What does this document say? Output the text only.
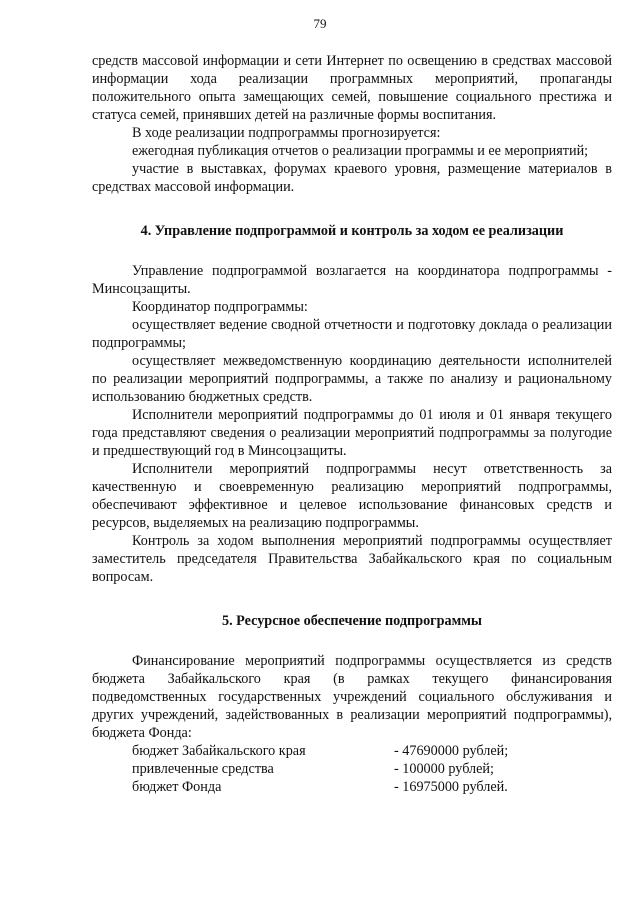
79

средств массовой информации и сети Интернет по освещению в средствах массовой информации хода реализации программных мероприятий, пропаганды положительного опыта замещающих семей, повышение социального престижа и статуса семей, принявших детей на различные формы воспитания.

В ходе реализации подпрограммы прогнозируется:

ежегодная публикация отчетов о реализации программы и ее мероприятий;

участие в выставках, форумах краевого уровня, размещение материалов в средствах массовой информации.

4. Управление подпрограммой и контроль за ходом ее реализации

Управление подпрограммой возлагается на координатора подпрограммы - Минсоцзащиты.

Координатор подпрограммы:

осуществляет ведение сводной отчетности и подготовку доклада о реализации подпрограммы;

осуществляет межведомственную координацию деятельности исполнителей по реализации мероприятий подпрограммы, а также по анализу и рациональному использованию бюджетных средств.

Исполнители мероприятий подпрограммы до 01 июля и 01 января текущего года представляют сведения о реализации мероприятий подпрограммы за полугодие и предшествующий год в Минсоцзащиты.

Исполнители мероприятий подпрограммы несут ответственность за качественную и своевременную реализацию мероприятий подпрограммы, обеспечивают эффективное и целевое использование финансовых средств и ресурсов, выделяемых на реализацию подпрограммы.

Контроль за ходом выполнения мероприятий подпрограммы осуществляет заместитель председателя Правительства Забайкальского края по социальным вопросам.

5. Ресурсное обеспечение подпрограммы

Финансирование мероприятий подпрограммы осуществляется из средств бюджета Забайкальского края (в рамках текущего финансирования подведомственных государственных учреждений социального обслуживания и других учреждений, задействованных в реализации мероприятий подпрограммы), бюджета Фонда:

бюджет Забайкальского края	- 47690000 рублей;
привлеченные средства	- 100000 рублей;
бюджет Фонда	- 16975000 рублей.
